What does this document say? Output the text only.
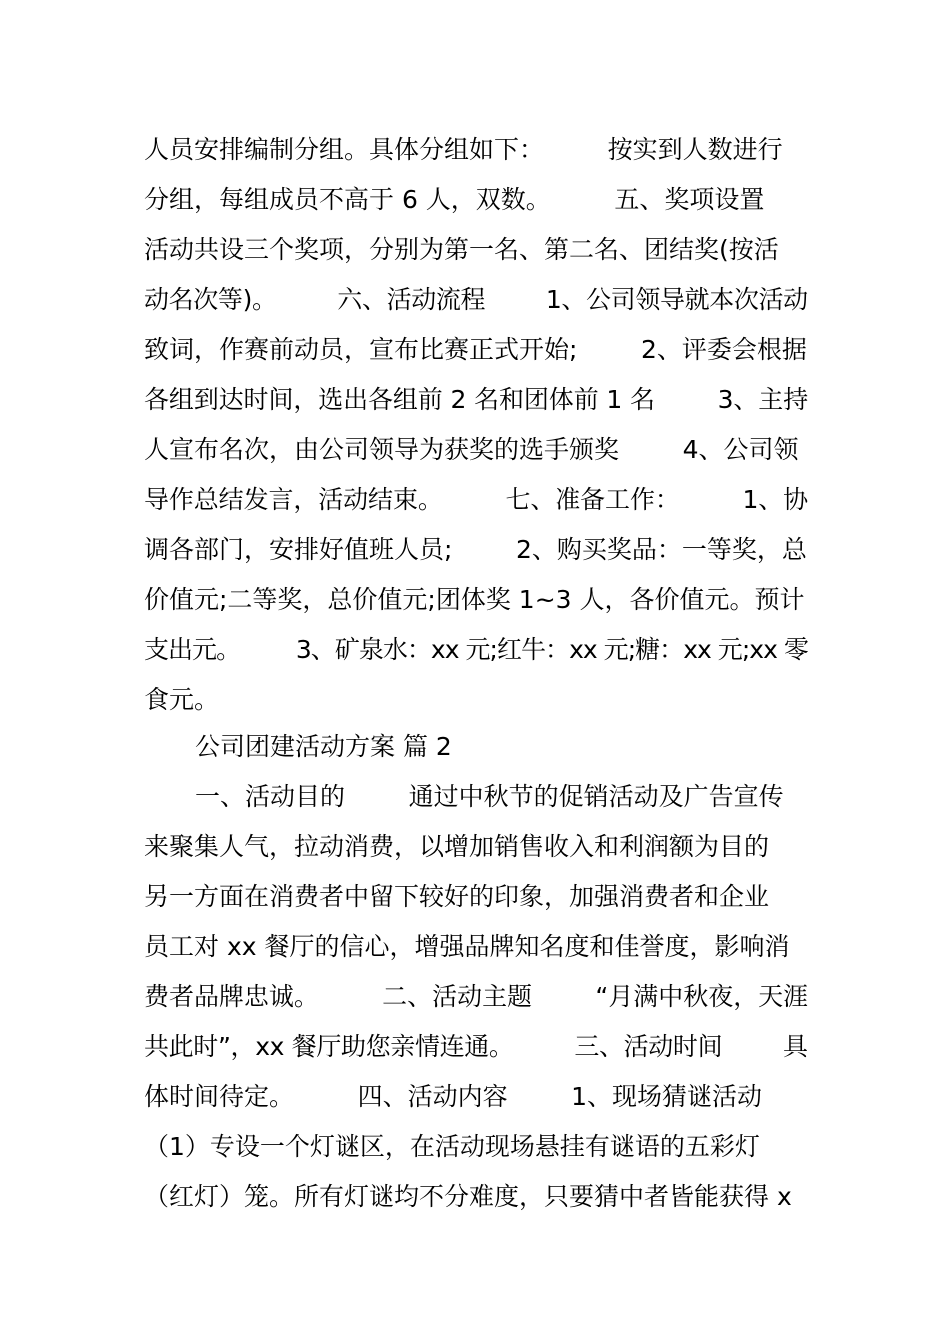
人员安排编制分组。具体分组如下：        按实到人数进行

分组，每组成员不高于 6 人，双数。        五、奖项设置

活动共设三个奖项，分别为第一名、第二名、团结奖(按活

动名次等)。        六、活动流程        1、公司领导就本次活动

致词，作赛前动员，宣布比赛正式开始;        2、评委会根据

各组到达时间，选出各组前 2 名和团体前 1 名        3、主持

人宣布名次，由公司领导为获奖的选手颁奖        4、公司领

导作总结发言，活动结束。        七、准备工作：        1、协

调各部门，安排好值班人员;        2、购买奖品：一等奖，总

价值元;二等奖，总价值元;团体奖 1~3 人，各价值元。预计

支出元。        3、矿泉水：xx 元;红牛：xx 元;糖：xx 元;xx 零

食元。

公司团建活动方案 篇 2

一、活动目的        通过中秋节的促销活动及广告宣传

来聚集人气，拉动消费，以增加销售收入和利润额为目的

另一方面在消费者中留下较好的印象，加强消费者和企业

员工对 xx 餐厅的信心，增强品牌知名度和佳誉度，影响消

费者品牌忠诚。        二、活动主题        “月满中秋夜，天涯

共此时”，xx 餐厅助您亲情连通。        三、活动时间        具

体时间待定。        四、活动内容        1、现场猜谜活动

（1）专设一个灯谜区，在活动现场悬挂有谜语的五彩灯

（红灯）笼。所有灯谜均不分难度，只要猜中者皆能获得 x
